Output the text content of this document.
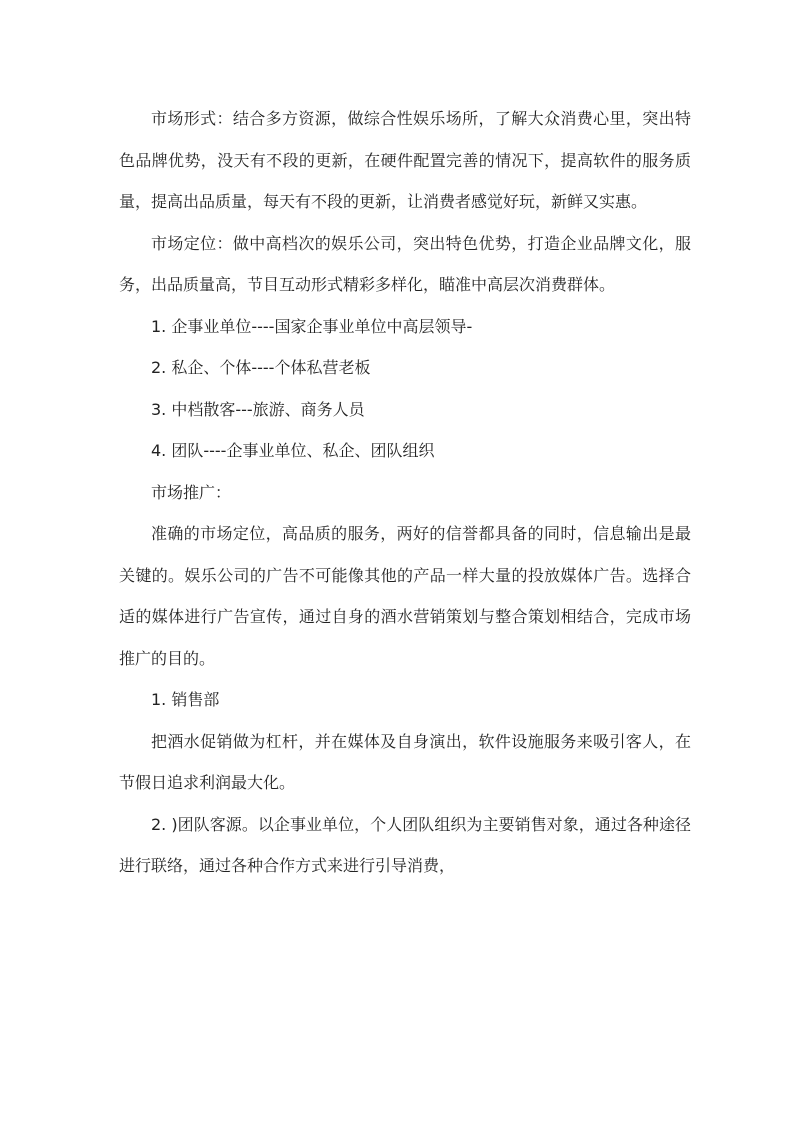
市场形式：结合多方资源，做综合性娱乐场所，了解大众消费心里，突出特色品牌优势，没天有不段的更新，在硬件配置完善的情况下，提高软件的服务质量，提高出品质量，每天有不段的更新，让消费者感觉好玩，新鲜又实惠。

市场定位：做中高档次的娱乐公司，突出特色优势，打造企业品牌文化，服务，出品质量高，节目互动形式精彩多样化，瞄准中高层次消费群体。

1. 企事业单位----国家企事业单位中高层领导-

2. 私企、个体----个体私营老板

3. 中档散客---旅游、商务人员

4. 团队----企事业单位、私企、团队组织

市场推广：

准确的市场定位，高品质的服务，两好的信誉都具备的同时，信息输出是最关键的。娱乐公司的广告不可能像其他的产品一样大量的投放媒体广告。选择合适的媒体进行广告宣传，通过自身的酒水营销策划与整合策划相结合，完成市场推广的目的。

1. 销售部

把酒水促销做为杠杆，并在媒体及自身演出，软件设施服务来吸引客人，在节假日追求利润最大化。

2. )团队客源。以企事业单位，个人团队组织为主要销售对象，通过各种途径进行联络，通过各种合作方式来进行引导消费，
